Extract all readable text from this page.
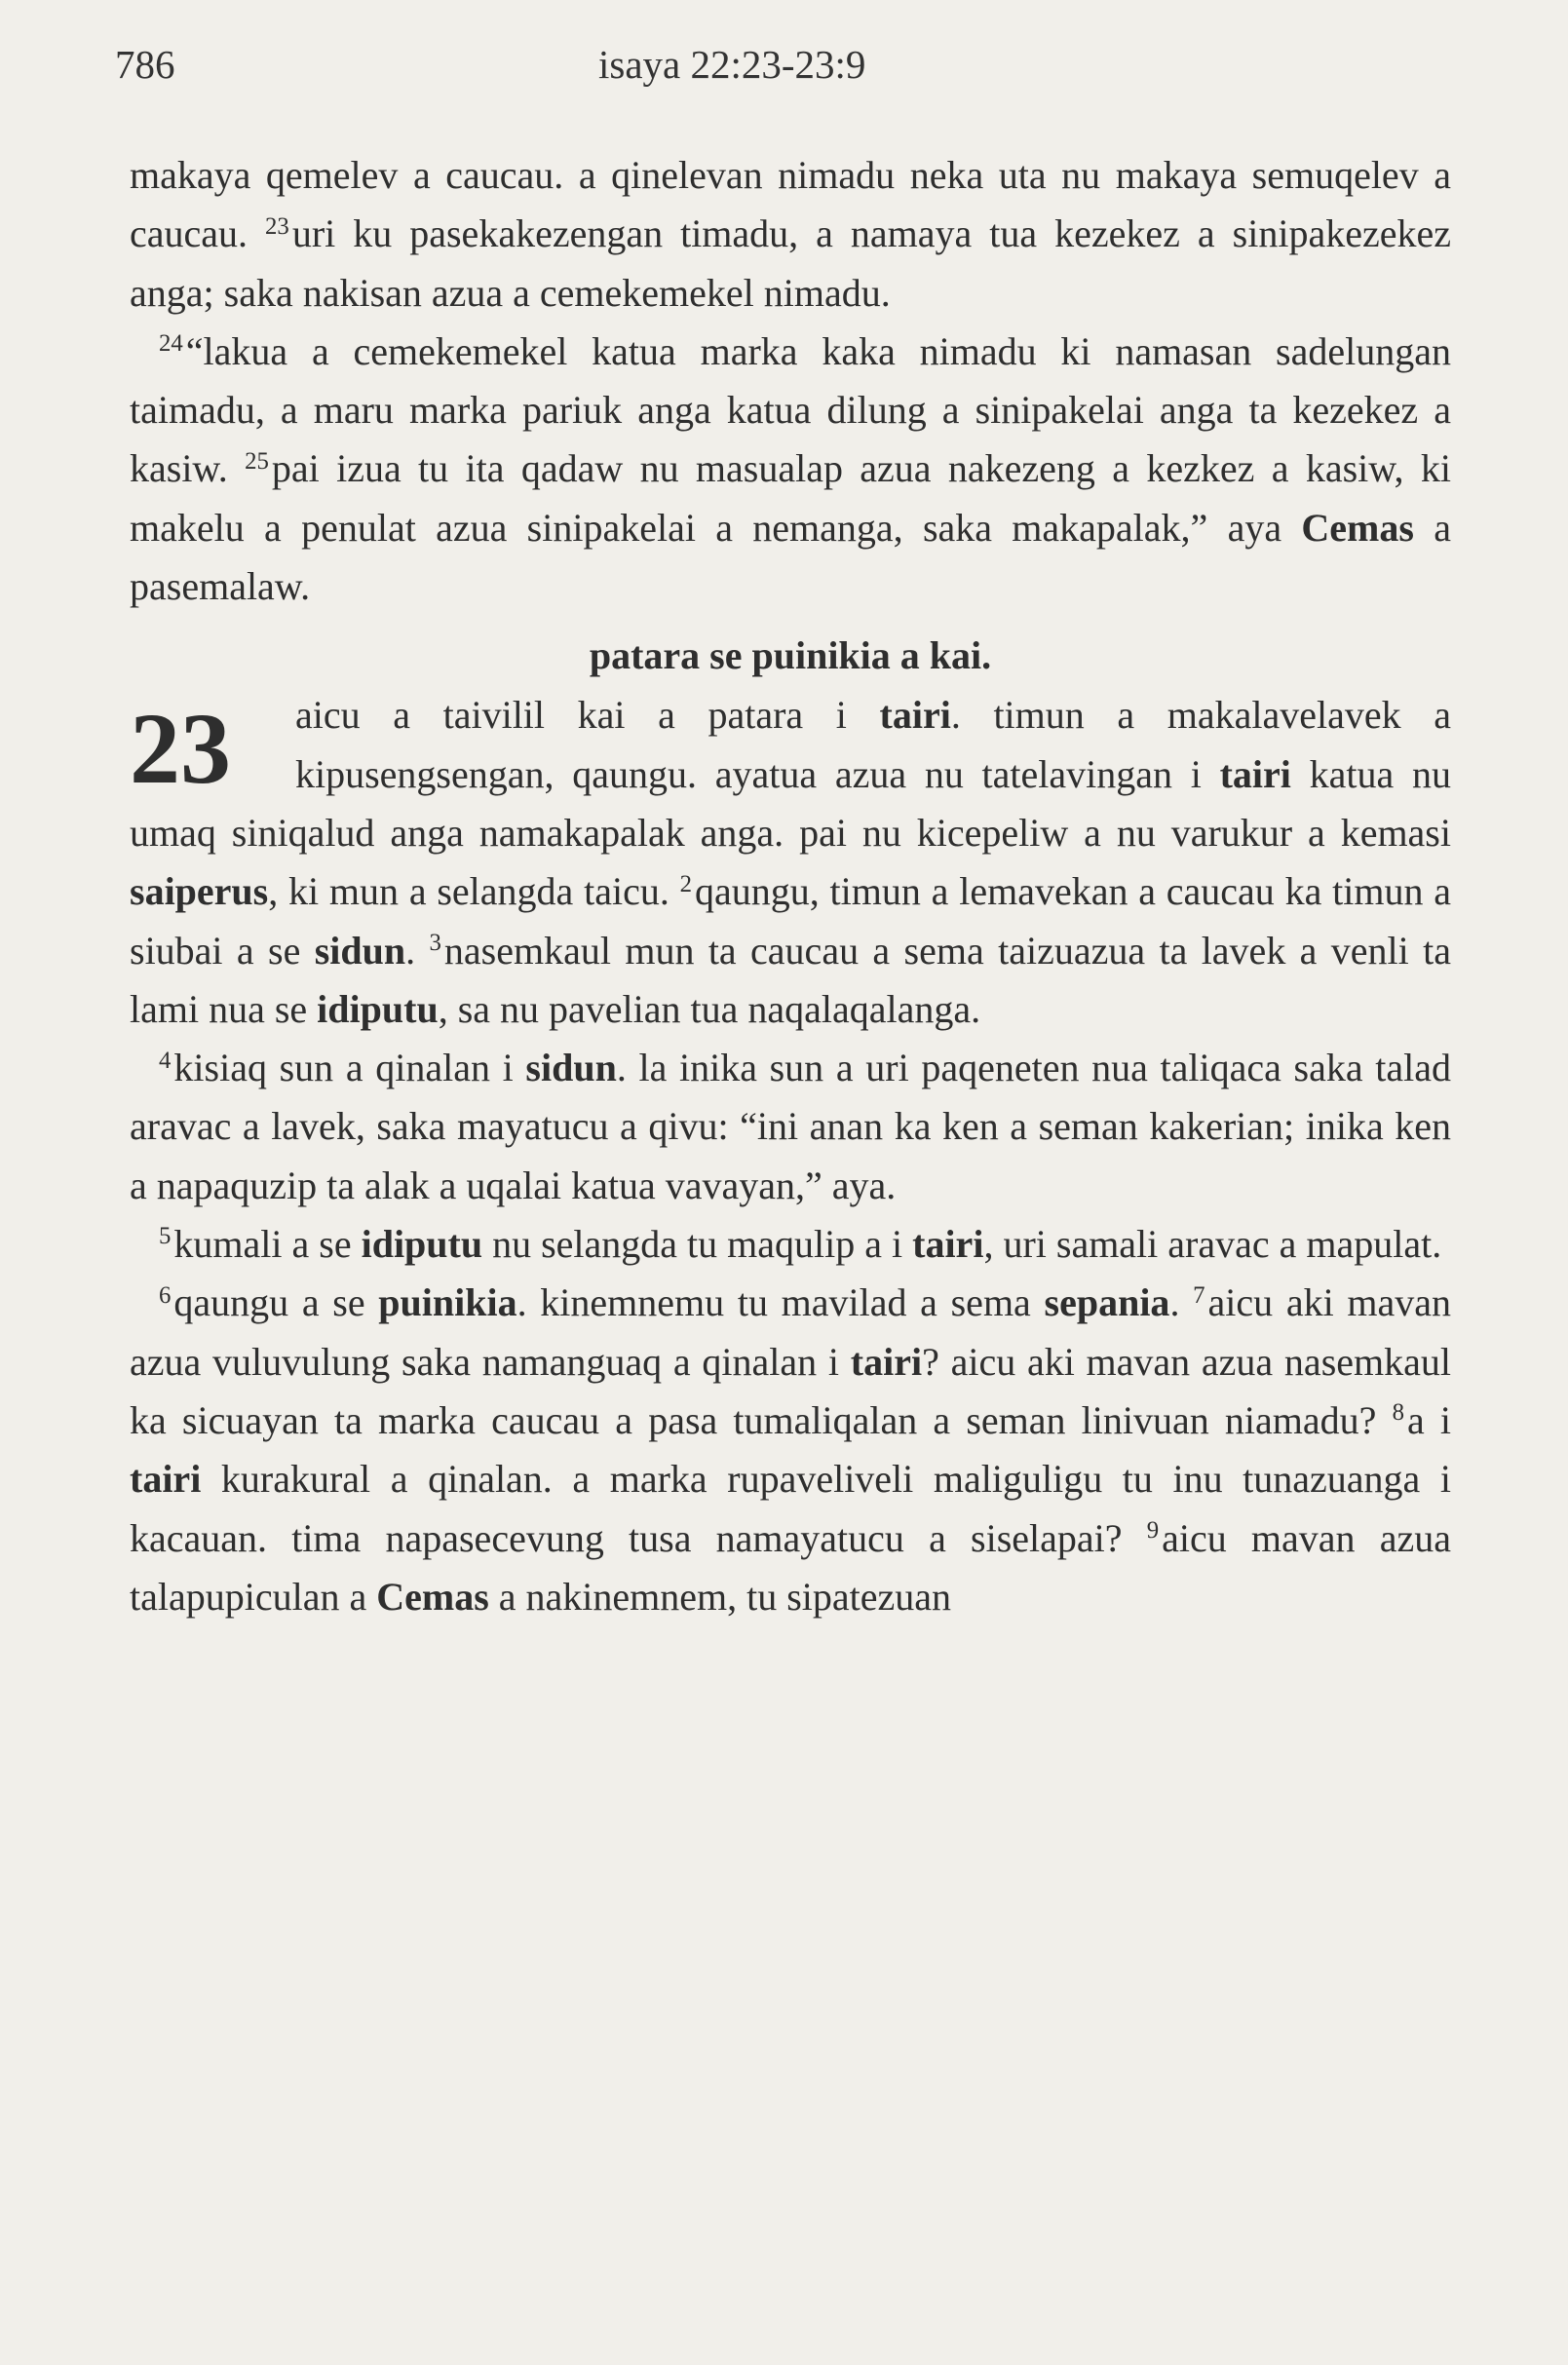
786	isaya 22:23-23:9

makaya qemelev a caucau. a qinelevan nimadu neka uta nu makaya semuqelev a caucau. $^{23}$uri ku pasekakezengan timadu, a namaya tua kezekez a sinipakezekez anga; saka nakisan azua a cemekemekel nimadu.

$^{24}$“lakua a cemekemekel katua marka kaka nimadu ki namasan sadelungan taimadu, a maru marka pariuk anga katua dilung a sinipakelai anga ta kezekez a kasiw. $^{25}$pai izua tu ita qadaw nu masualap azua nakezeng a kezkez a kasiw, ki makelu a penulat azua sinipakelai a nemanga, saka makapalak,” aya Cemas a pasemalaw.

patara se puinikia a kai.

23	aicu a taivilil kai a patara i tairi. timun a makalavelavek a kipusengsengan, qaungu. ayatua azua nu tatelavingan i tairi katua nu umaq siniqalud anga namakapalak anga. pai nu kicepeliw a nu varukur a kemasi saiperus, ki mun a selangda taicu. $^2$qaungu, timun a lemavekan a caucau ka timun a siubai a se sidun. $^3$nasemkaul mun ta caucau a sema taizuazua ta lavek a venli ta lami nua se idiputu, sa nu pavelian tua naqalaqalanga.

$^4$kisiaq sun a qinalan i sidun. la inika sun a uri paqeneten nua taliqaca saka talad aravac a lavek, saka mayatucu a qivu: “ini anan ka ken a seman kakerian; inika ken a napaquzip ta alak a uqalai katua vavayan,” aya.

$^5$kumali a se idiputu nu selangda tu maqulip a i tairi, uri samali aravac a mapulat.

$^6$qaungu a se puinikia. kinemnemu tu mavilad a sema sepania. $^7$aicu aki mavan azua vuluvulung saka namanguaq a qinalan i tairi? aicu aki mavan azua nasemkaul ka sicuayan ta marka caucau a pasa tumaliqalan a seman linivuan niamadu? $^8$a i tairi kurakural a qinalan. a marka rupaveliveli maliguligu tu inu tunazuanga i kacauan. tima napasecevung tusa namayatucu a siselapai? $^9$aicu mavan azua talapupiculan a Cemas a nakinemnem, tu sipatezuan
